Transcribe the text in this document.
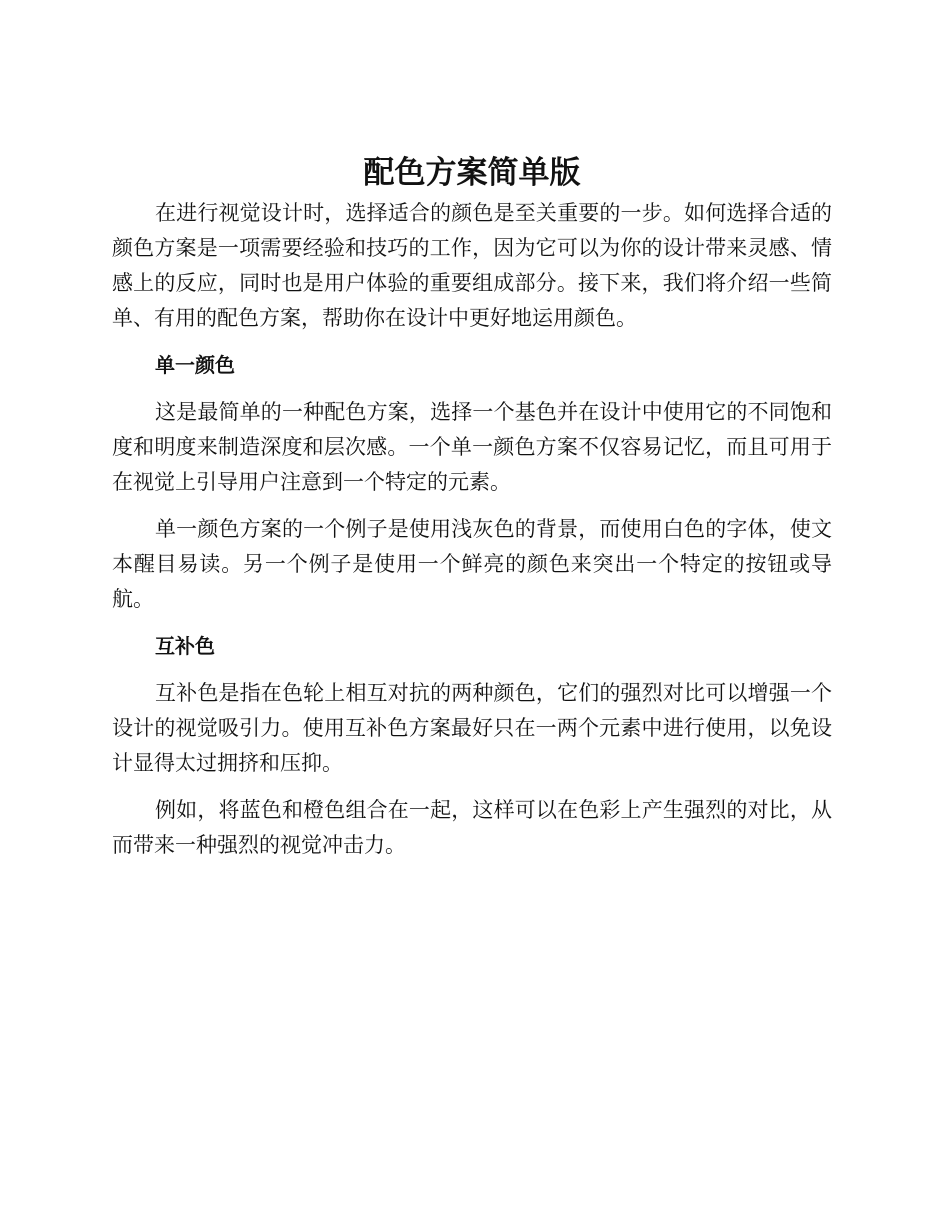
配色方案简单版

在进行视觉设计时，选择适合的颜色是至关重要的一步。如何选择合适的颜色方案是一项需要经验和技巧的工作，因为它可以为你的设计带来灵感、情感上的反应，同时也是用户体验的重要组成部分。接下来，我们将介绍一些简单、有用的配色方案，帮助你在设计中更好地运用颜色。

单一颜色

这是最简单的一种配色方案，选择一个基色并在设计中使用它的不同饱和度和明度来制造深度和层次感。一个单一颜色方案不仅容易记忆，而且可用于在视觉上引导用户注意到一个特定的元素。

单一颜色方案的一个例子是使用浅灰色的背景，而使用白色的字体，使文本醒目易读。另一个例子是使用一个鲜亮的颜色来突出一个特定的按钮或导航。

互补色

互补色是指在色轮上相互对抗的两种颜色，它们的强烈对比可以增强一个设计的视觉吸引力。使用互补色方案最好只在一两个元素中进行使用，以免设计显得太过拥挤和压抑。

例如，将蓝色和橙色组合在一起，这样可以在色彩上产生强烈的对比，从而带来一种强烈的视觉冲击力。
